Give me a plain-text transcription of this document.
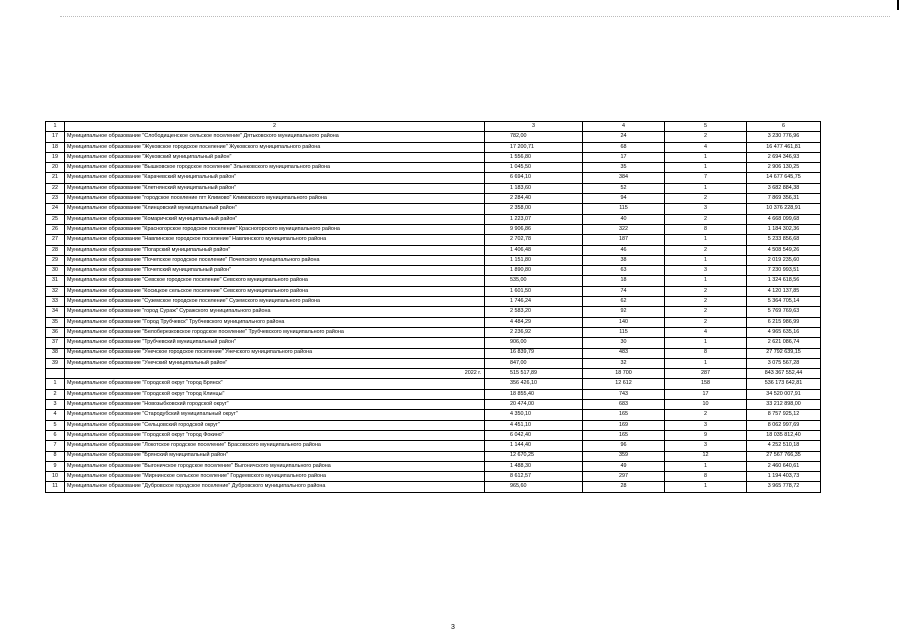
1	2	3	4	5	6
17	Муниципальное образование "Слободищенское сельское поселение" Дятьковского муниципального района	782,00	24	2	3 230 776,96
18	Муниципальное образование "Жуковское городское поселение" Жуковского муниципального района	17 200,71	68	4	16 477 461,81
19	Муниципальное образование "Жуковский муниципальный район"	1 556,80	17	1	2 694 346,93
20	Муниципальное образование "Вышковское городское поселение" Злынковского муниципального района	1 045,50	35	1	2 906 130,25
21	Муниципальное образование "Карачевский муниципальный район"	6 694,10	384	7	14 677 645,75
22	Муниципальное образование "Клетнянский муниципальный район"	1 183,60	52	1	3 682 884,38
23	Муниципальное образование "городское поселение пгт Климово" Климовского муниципального района	2 284,40	94	2	7 869 356,31
24	Муниципальное образование "Клинцовский муниципальный район"	2 358,00	115	3	10 376 228,91
25	Муниципальное образование "Комаричский муниципальный район"	1 223,07	40	2	4 668 099,68
26	Муниципальное образование "Красногорское городское поселение" Красногорского муниципального района	9 906,86	322	8	1 184 302,36
27	Муниципальное образование "Навлинское городское поселение" Навлинского муниципального района	2 702,78	187	1	5 233 856,68
28	Муниципальное образование "Погарский муниципальный район"	1 406,48	46	2	4 508 549,26
29	Муниципальное образование "Почепское городское поселение" Почепского муниципального района	1 151,80	38	1	2 019 235,60
30	Муниципальное образование "Почепский муниципальный район"	1 890,80	63	3	7 230 993,51
31	Муниципальное образование "Севское городское поселение" Севского муниципального района	535,00	18	1	1 324 618,56
32	Муниципальное образование "Косицкое сельское поселение" Севского муниципального района	1 601,50	74	2	4 120 137,85
33	Муниципальное образование "Суземское городское поселение" Суземского муниципального района	1 746,24	62	2	5 364 705,14
34	Муниципальное образование "город Сураж" Суражского муниципального района	2 583,20	92	2	5 769 769,63
35	Муниципальное образование "Город Трубчевск" Трубчевского муниципального района	4 484,29	140	2	6 215 986,99
36	Муниципальное образование "Белоберезковское городское поселение" Трубчевского муниципального района	2 236,92	115	4	4 965 635,16
37	Муниципальное образование "Трубчевский муниципальный район"	906,00	30	1	2 621 086,74
38	Муниципальное образование "Унечское городское поселение" Унечского муниципального района	16 839,79	483	8	27 792 639,15
39	Муниципальное образование "Унечский муниципальный район"	847,00	32	1	3 075 567,28
	2022 г.	515 517,89	18 700	287	843 367 552,44
1	Муниципальное образование "Городской округ "город Брянск"	356 426,10	12 612	158	536 173 642,81
2	Муниципальное образование "Городской округ "город Клинцы"	18 855,40	743	17	34 520 007,91
3	Муниципальное образование "Новозыбковский городской округ"	20 474,00	683	10	33 212 898,00
4	Муниципальное образование "Стародубский муниципальный округ"	4 350,10	165	2	8 757 925,12
5	Муниципальное образование "Сельцовский городской округ"	4 451,10	169	3	8 062 997,69
6	Муниципальное образование "Городской округ "город Фокино"	6 042,40	165	9	18 035 812,40
7	Муниципальное образование "Локотское городское поселение" Брасовского муниципального района	1 144,40	96	3	4 252 510,18
8	Муниципальное образование "Брянский муниципальный район"	12 670,25	359	12	27 567 766,35
9	Муниципальное образование "Выгоничское городское поселение" Выгоничского муниципального района	1 488,30	49	1	2 460 640,61
10	Муниципальное образование "Мирнинское сельское поселение" Гордеевского муниципального района	8 612,57	297	8	1 194 403,73
11	Муниципальное образование "Дубровское городское поселение" Дубровского муниципального района	965,60	28	1	3 965 778,72
3
